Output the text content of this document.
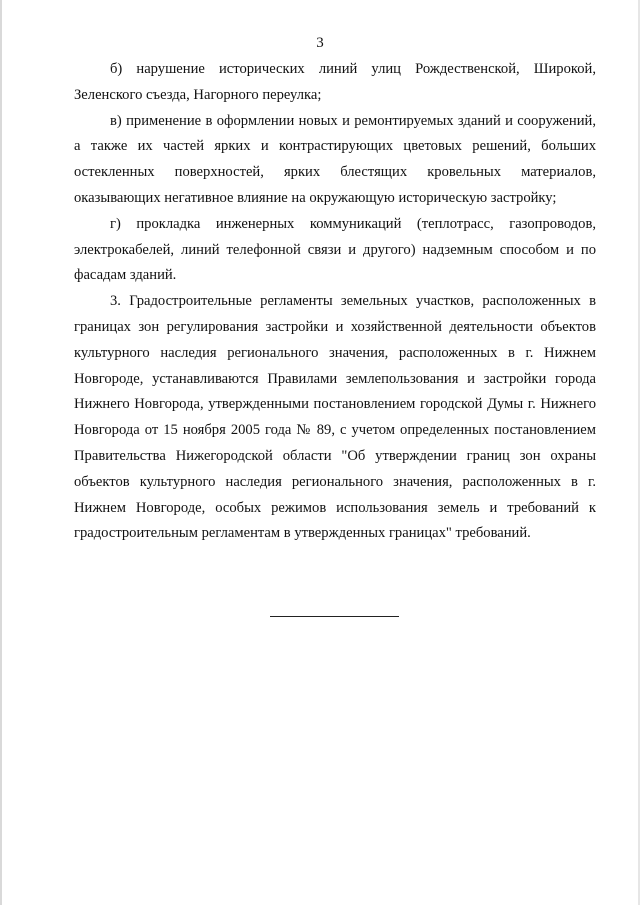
3

б) нарушение исторических линий улиц Рождественской, Широкой, Зеленского съезда, Нагорного переулка;

в) применение в оформлении новых и ремонтируемых зданий и сооружений, а также их частей ярких и контрастирующих цветовых решений, больших остекленных поверхностей, ярких блестящих кровельных материалов, оказывающих негативное влияние на окружающую историческую застройку;

г) прокладка инженерных коммуникаций (теплотрасс, газопроводов, электрокабелей, линий телефонной связи и другого) надземным способом и по фасадам зданий.

3. Градостроительные регламенты земельных участков, расположенных в границах зон регулирования застройки и хозяйственной деятельности объектов культурного наследия регионального значения, расположенных в г. Нижнем Новгороде, устанавливаются Правилами землепользования и застройки города Нижнего Новгорода, утвержденными постановлением городской Думы г. Нижнего Новгорода от 15 ноября 2005 года № 89, с учетом определенных постановлением Правительства Нижегородской области "Об утверждении границ зон охраны объектов культурного наследия регионального значения, расположенных в г. Нижнем Новгороде, особых режимов использования земель и требований к градостроительным регламентам в утвержденных границах" требований.
